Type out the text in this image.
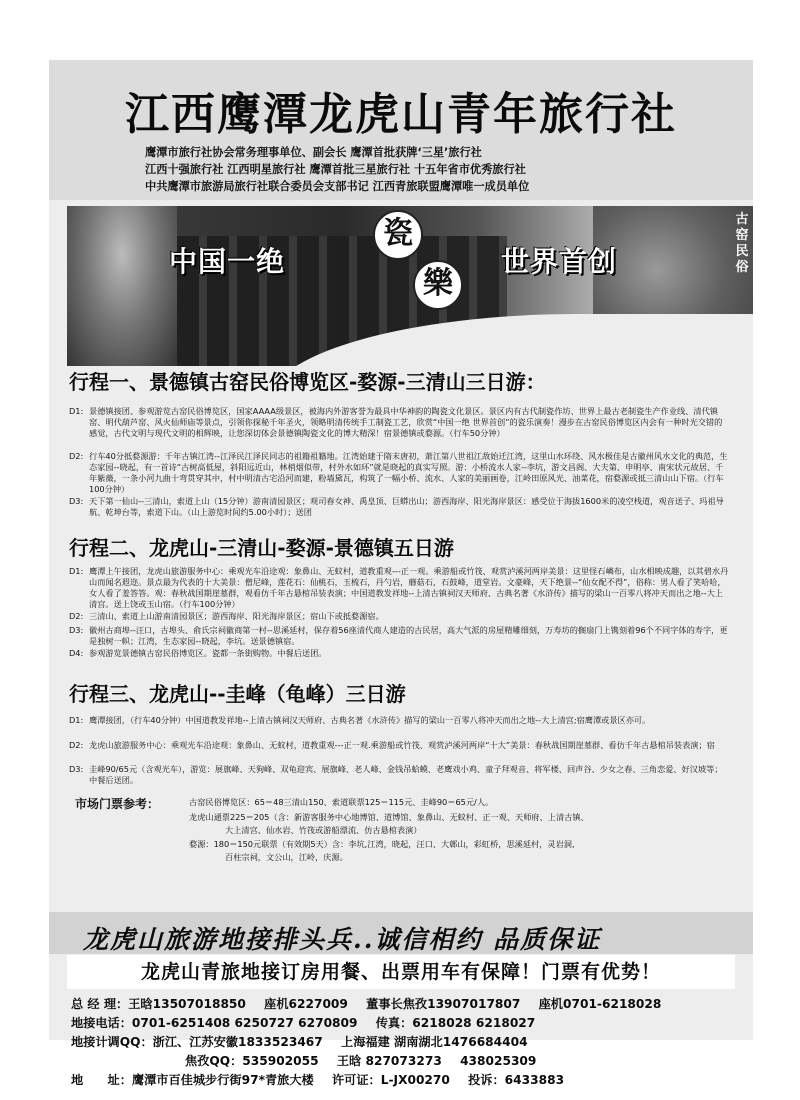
江西鹰潭龙虎山青年旅行社
鹰潭市旅行社协会常务理事单位、副会长 鹰潭首批获牌‘三星’旅行社
江西十强旅行社 江西明星旅行社 鹰潭首批三星旅行社 十五年省市优秀旅行社
中共鹰潭市旅游局旅行社联合委员会支部书记 江西青旅联盟鹰潭唯一成员单位
中国一绝	世界首创
瓷
樂
古窑民俗
行程一、景德镇古窑民俗博览区-婺源-三清山三日游：
D1: 景德镇接团、参观游览古窑民俗博览区，国家AAAA级景区，被海内外游客誉为最具中华神韵的陶瓷文化景区。景区内有古代制瓷作坊、世界上最古老制瓷生产作业线、清代镇窑、明代葫芦窑、风火仙师庙等景点，引领你探秘千年圣火，领略明清传统手工制瓷工艺，欣赏“中国一绝 世界首创”的瓷乐演奏！漫步在古窑民俗博览区内会有一种时光交错的感觉，古代文明与现代文明的相辉映，让您深切体会景德镇陶瓷文化的博大精深！宿景德镇或婺源。（行车50分钟）
D2: 行车40分抵婺源游：千年古镇江湾--江泽民江泽民同志的祖籍祖籍地。江湾始建于隋末唐初，萧江第八世祖江敌始迁江湾，这里山水环绕、风水极佳是古徽州风水文化的典范，生态家园--晓起，有一首诗“古树高低屋，斜阳远近山，林梢烟似带，村外水如环”就是晓起的真实写照。游：小桥流水人家--李坑，游文昌阁、大夫第、申明亭、南宋状元故居、千年紫薇，一条小河九曲十弯贯穿其中，村中明清古宅沿河而建，粉墙黛瓦，构筑了一幅小桥、流水、人家的美丽画卷，江岭田原风光、油菜花，宿婺源或抵三清山山下宿。（行车100分钟）
D3: 天下第一仙山--三清山，索道上山（15分钟）游南清园景区；观司春女神、禹皇顶、巨蟒出山；游西海岸、阳光海岸景区：感受位于海拔1600米的凌空栈道，观音送子、玛祖导航、乾坤台等，索道下山。（山上游览时间约5.00小时）；送团
行程二、龙虎山-三清山-婺源-景德镇五日游
D1: 鹰潭上午接团，龙虎山旅游服务中心：乘观光车沿途观：象鼻山、无蚊村，道教重观---正一观。乘游船或竹筏、观赏泸溪河两岸美景：这里怪石嶙布，山水相映成趣，以其碧水丹山而闻名遐迩。景点最为代表的十大美景：僧尼峰，莲花石：仙桃石，玉梳石，丹勺岩，蘑菇石，石鼓峰，道堂岩。文豪峰，天下绝景--“仙女配不得”，俗称：男人看了笑哈哈，女人看了羞答答。观：春秋战国期崖墓群，观看仿千年古悬棺吊装表演；中国道教发祥地--上清古镇祠汉天师府、古典名著《水浒传》描写的梁山一百零八将冲天而出之地--大上清宫。送上饶或玉山宿。（行车100分钟）
D2: 三清山、索道上山游南清园景区；游西海岸、阳光海岸景区；宿山下或抵婺源宿。
D3: 徽州古商埠--汪口，古埠头、俞氏宗祠徽商第一村--思溪延村，保存着56座清代商人建造的古民居，高大气派的房屋精雕细刻，万寿坊的搁扇门上镌刻着96个不同字体的寿字，更是独树一帜；江湾，生态家园--晓起，李坑。送景德镇宿。
D4: 参观游览景德镇古窑民俗博览区。瓷都一条街购物。中餐后送团。
行程三、龙虎山--圭峰（龟峰）三日游
D1: 鹰潭接团，（行车40分钟）中国道教发祥地--上清古镇祠汉天师府、古典名著《水浒传》描写的梁山一百零八将冲天而出之地--大上清宫;宿鹰潭或景区亦可。
D2: 龙虎山旅游服务中心：乘观光车沿途观：象鼻山、无蚊村，道教重观---正一观.乘游船或竹筏、观赏泸溪河两岸“十大”美景：春秋战国期崖墓群、看仿千年古悬棺吊装表演；宿
D3: 圭峰90/65元（含观光车），游览：展旗峰、天狗峰、双龟迎宾、展旗峰、老人峰、金钱吊蛤蟆、老鹰戏小鸡、童子拜观音、将军楼、回声谷、少女之春、三角恋爱、好汉坡等；中餐后送团。
市场门票参考：	古窑民俗博览区：65＝48三清山150、索道联票125＝115元、圭峰90＝65元/人。
龙虎山通票225＝205（含：新游客服务中心地博馆、道博馆、象鼻山、无蚊村、正一观、天师府、上清古镇、
大上清宫、仙水岩、竹筏或游船漂流、仿古悬棺表演）
婺源：180＝150元联票（有效期5天）含：李坑,江湾，晓起，汪口、大鄣山，彩虹桥，思溪延村，灵岩洞,
百柱宗祠，文公山，江岭，庆源。
龙虎山旅游地接排头兵..诚信相约 品质保证
龙虎山青旅地接订房用餐、出票用车有保障！门票有优势！
总 经 理：王晗13507018850 座机6227009 董事长焦孜13907017807 座机0701-6218028
地接电话：0701-6251408 6250727 6270809 传真：6218028 6218027
地接计调QQ：浙江、江苏安徽1833523467 上海福建 湖南湖北1476684404
焦孜QQ：535902055 王晗 827073273 438025309
地　　址：鹰潭市百佳城步行街97*青旅大楼 许可证：L-JX00270 投诉：6433883
